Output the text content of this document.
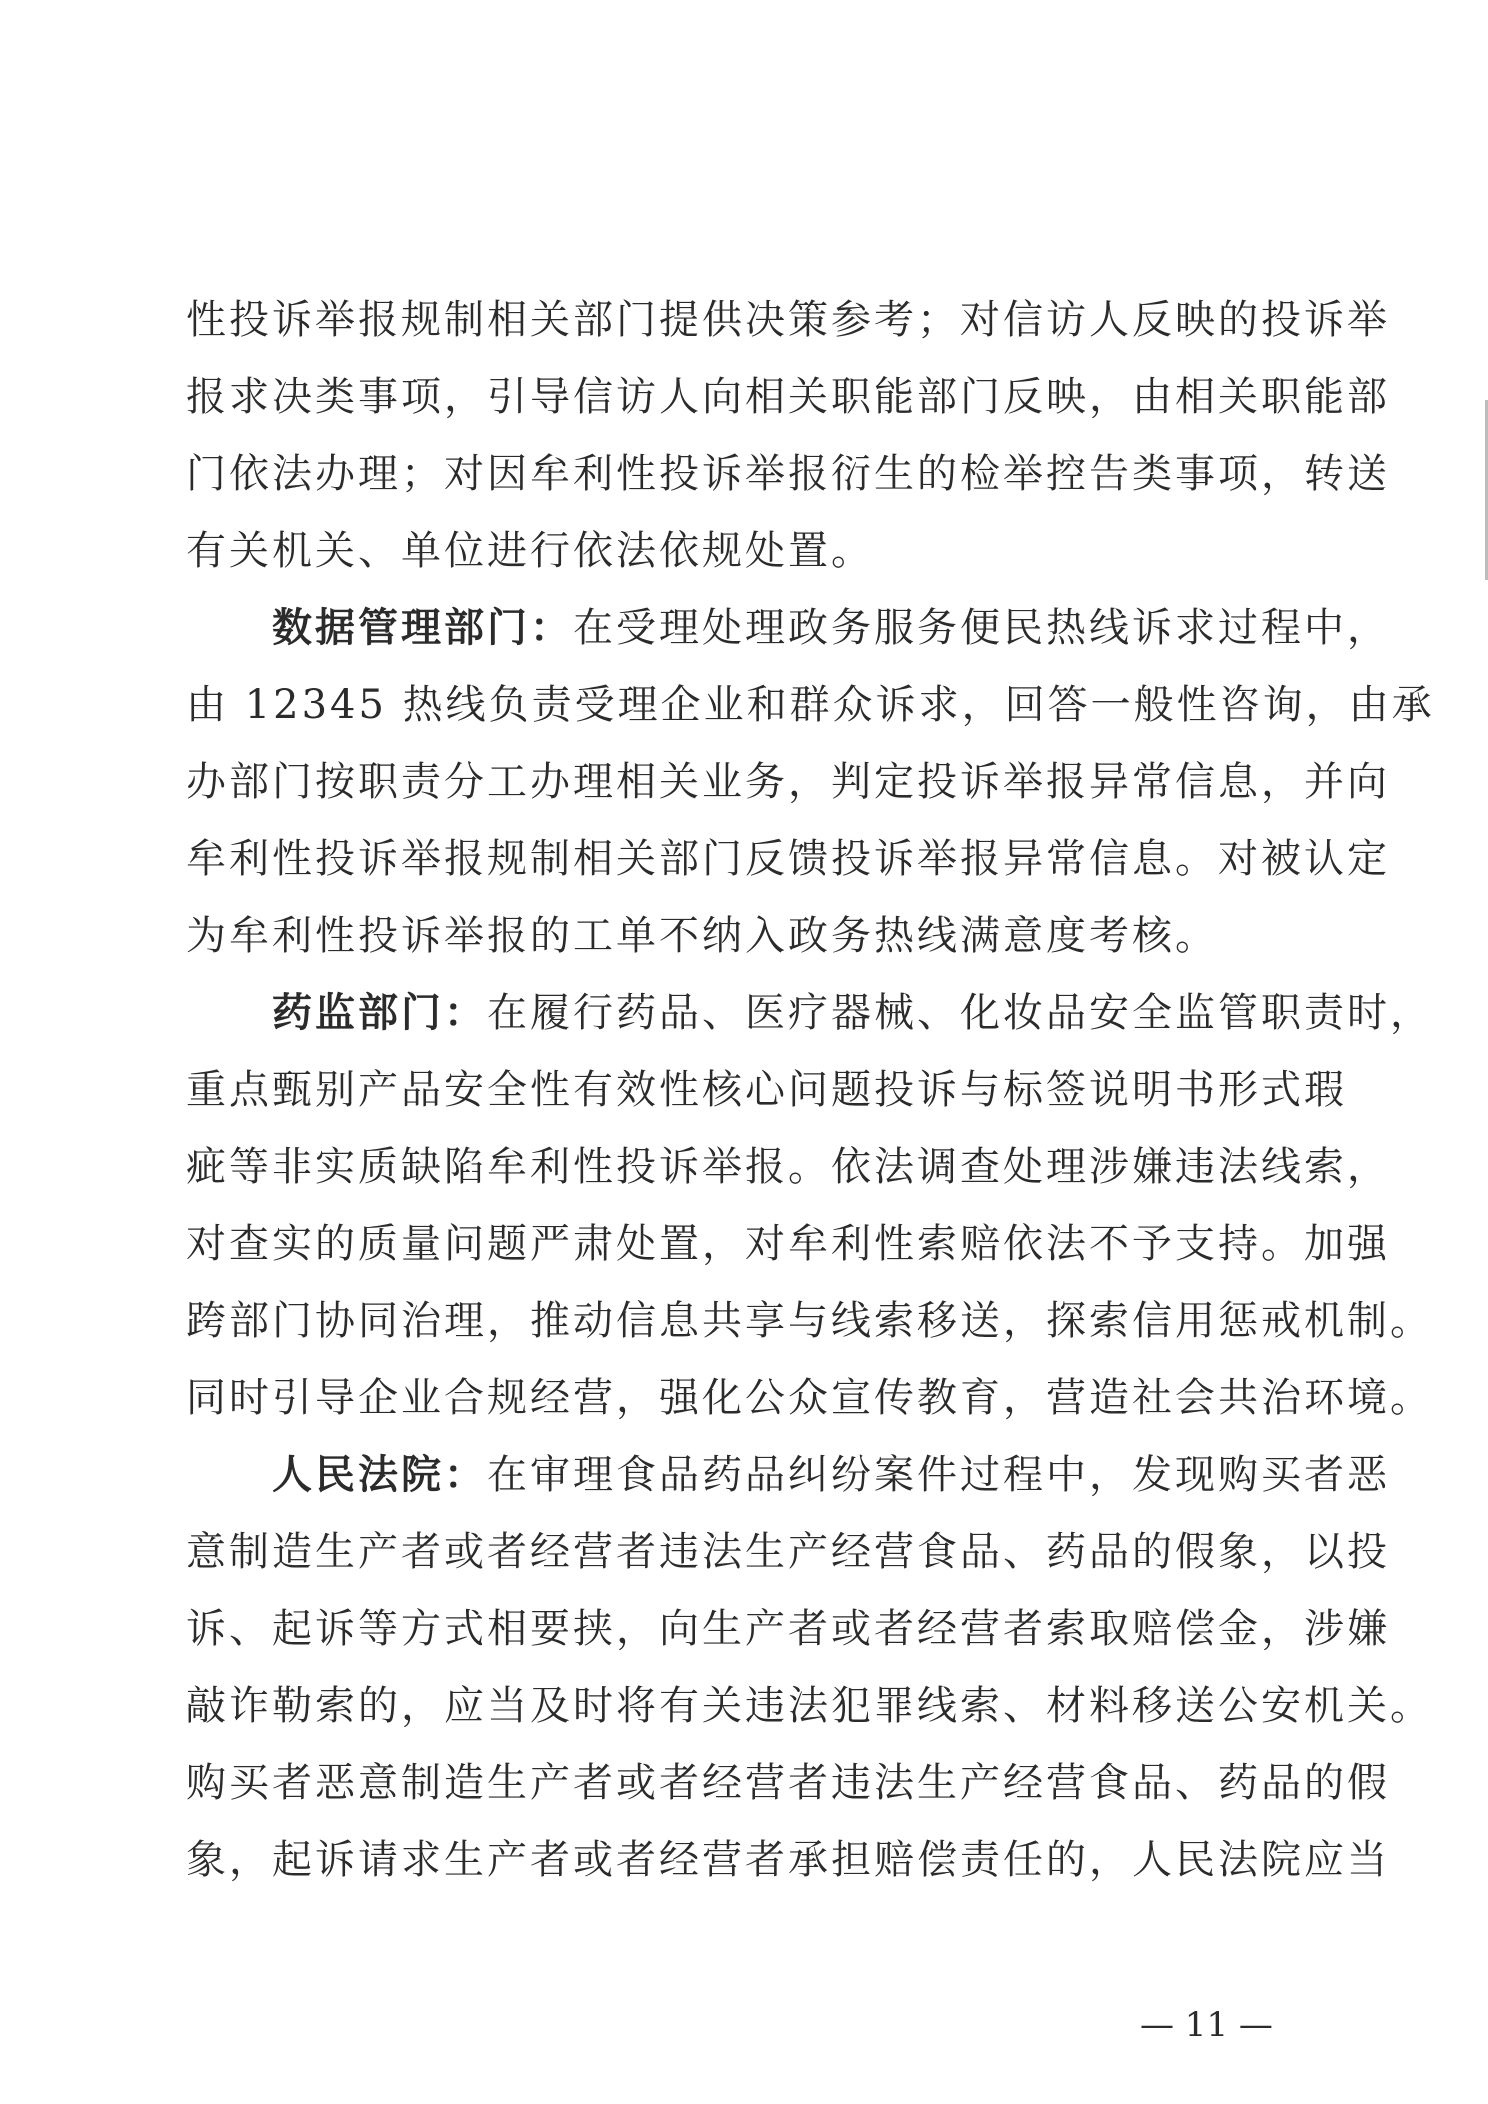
性投诉举报规制相关部门提供决策参考；对信访人反映的投诉举
报求决类事项，引导信访人向相关职能部门反映，由相关职能部
门依法办理；对因牟利性投诉举报衍生的检举控告类事项，转送
有关机关、单位进行依法依规处置。
数据管理部门：在受理处理政务服务便民热线诉求过程中，
由 12345 热线负责受理企业和群众诉求，回答一般性咨询，由承
办部门按职责分工办理相关业务，判定投诉举报异常信息，并向
牟利性投诉举报规制相关部门反馈投诉举报异常信息。对被认定
为牟利性投诉举报的工单不纳入政务热线满意度考核。
药监部门：在履行药品、医疗器械、化妆品安全监管职责时，
重点甄别产品安全性有效性核心问题投诉与标签说明书形式瑕
疵等非实质缺陷牟利性投诉举报。依法调查处理涉嫌违法线索，
对查实的质量问题严肃处置，对牟利性索赔依法不予支持。加强
跨部门协同治理，推动信息共享与线索移送，探索信用惩戒机制。
同时引导企业合规经营，强化公众宣传教育，营造社会共治环境。
人民法院：在审理食品药品纠纷案件过程中，发现购买者恶
意制造生产者或者经营者违法生产经营食品、药品的假象，以投
诉、起诉等方式相要挟，向生产者或者经营者索取赔偿金，涉嫌
敲诈勒索的，应当及时将有关违法犯罪线索、材料移送公安机关。
购买者恶意制造生产者或者经营者违法生产经营食品、药品的假
象，起诉请求生产者或者经营者承担赔偿责任的，人民法院应当
— 11 —
